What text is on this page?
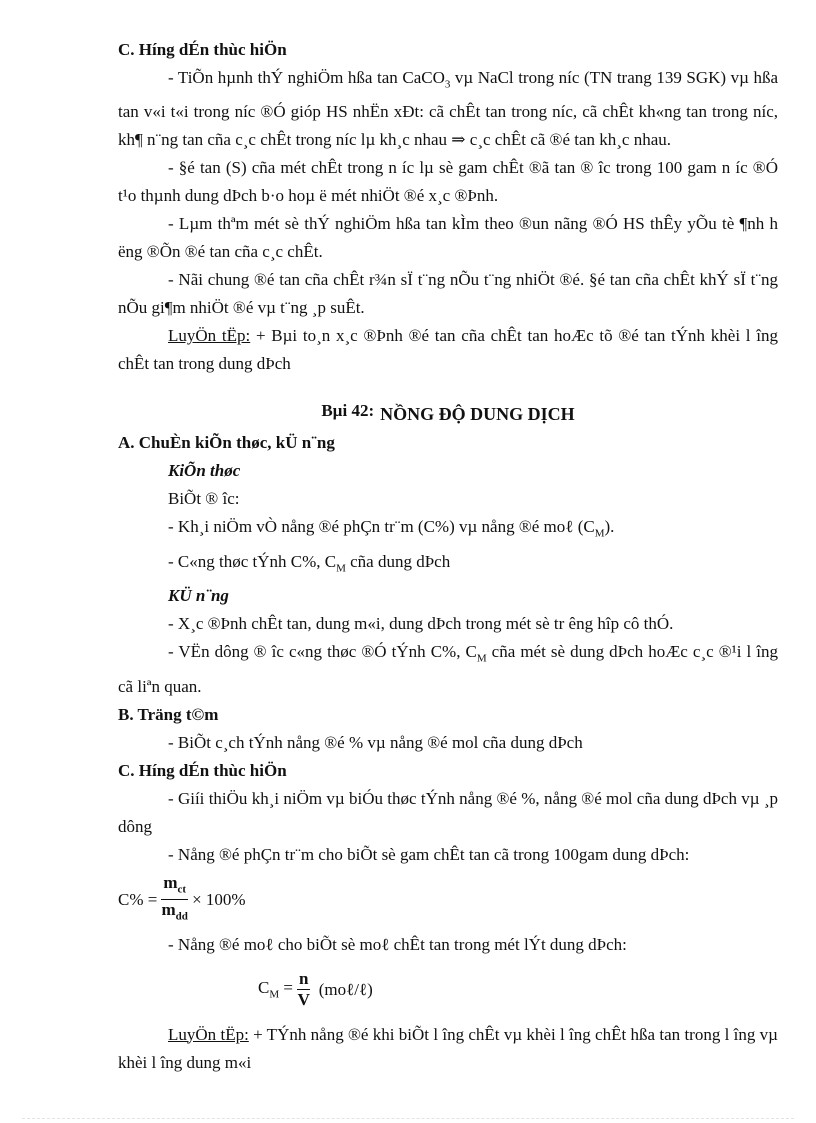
C. Híng dÉn thùc hiÖn

- TiÕn hµnh thÝ nghiÖm hßa tan CaCO$_3$ vµ NaCl trong níc (TN trang 139 SGK) vµ hßa tan v«i t«i trong níc ®Ó gióp HS nhËn xÐt: cã chÊt tan trong níc, cã chÊt kh«ng tan trong níc, kh¶ n¨ng tan cña c¸c chÊt trong níc lµ kh¸c nhau ⇒ c¸c chÊt cã ®é tan kh¸c nhau.

- §é tan (S) cña mét chÊt trong n íc lµ sè gam chÊt ®ã tan ® îc trong 100 gam n íc ®Ó t¹o thµnh dung dÞch b·o hoµ ë mét nhiÖt ®é x¸c ®Þnh.

- Lµm thªm mét sè thÝ nghiÖm hßa tan kÌm theo ®un nãng ®Ó HS thÊy yÕu tè ¶nh h ëng ®Õn ®é tan cña c¸c chÊt.

- Nãi chung ®é tan cña chÊt r¾n sÏ t¨ng nÕu t¨ng nhiÖt ®é. §é tan cña chÊt khÝ sÏ t¨ng nÕu gi¶m nhiÖt ®é vµ t¨ng ¸p suÊt.

LuyÖn tËp: + Bµi to¸n x¸c ®Þnh ®é tan cña chÊt tan hoÆc tõ ®é tan tÝnh khèi l îng chÊt tan trong dung dÞch

Bµi 42: NỒNG ĐỘ DUNG DỊCH

A. ChuÈn kiÕn thøc, kÜ n¨ng

KiÕn thøc

BiÕt ® îc:

- Kh¸i niÖm vÒ nång ®é phÇn tr¨m (C%) vµ nång ®é moℓ $(C_M)$.

- C«ng thøc tÝnh C%, $C_M$ cña dung dÞch

KÜ n¨ng

- X¸c ®Þnh chÊt tan, dung m«i, dung dÞch trong mét sè tr êng hîp cô thÓ.

- VËn dông ® îc c«ng thøc ®Ó tÝnh C%, $C_M$ cña mét sè dung dÞch hoÆc c¸c ®¹i l îng cã liªn quan.

B. Träng t©m

- BiÕt c¸ch tÝnh nång ®é % vµ nång ®é mol cña dung dÞch

C. Híng dÉn thùc hiÖn

- Giíi thiÖu kh¸i niÖm vµ biÓu thøc tÝnh nång ®é %, nång ®é mol cña dung dÞch vµ ¸p dông

- Nång ®é phÇn tr¨m cho biÕt sè gam chÊt tan cã trong 100gam dung dÞch:

$C\% = \frac{m_{ct}}{m_{dd}} \times 100\%$

- Nång ®é moℓ cho biÕt sè moℓ chÊt tan trong mét lÝt dung dÞch:

$C_M = \frac{n}{V}$ (moℓ/ℓ)

LuyÖn tËp: + TÝnh nång ®é khi biÕt l îng chÊt vµ khèi l îng chÊt hßa tan trong l îng vµ khèi l îng dung m«i
